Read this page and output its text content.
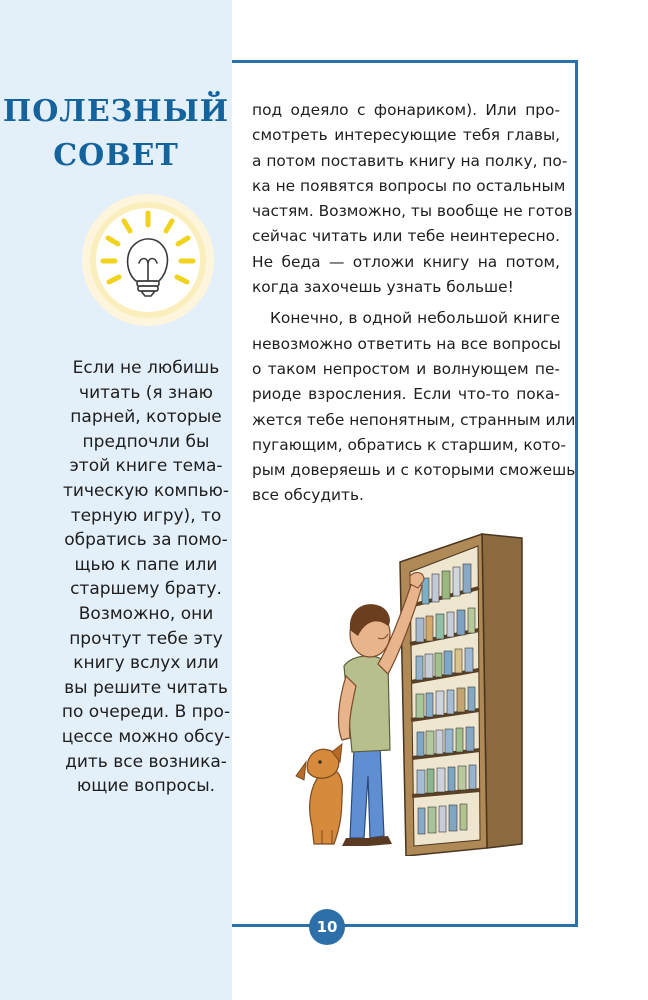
ПОЛЕЗНЫЙ
СОВЕТ
Если не любишь
читать (я знаю
парней, которые
предпочли бы
этой книге тема-
тическую компью-
терную игру), то
обратись за помо-
щью к папе или
старшему брату.
Возможно, они
прочтут тебе эту
книгу вслух или
вы решите читать
по очереди. В про-
цессе можно обсу-
дить все возника-
ющие вопросы.
под одеяло с фонариком). Или про-
смотреть интересующие тебя главы,
а потом поставить книгу на полку, по-
ка не появятся вопросы по остальным
частям. Возможно, ты вообще не готов
сейчас читать или тебе неинтересно.
Не беда — отложи книгу на потом,
когда захочешь узнать больше!
Конечно, в одной небольшой книге
невозможно ответить на все вопросы
о таком непростом и волнующем пе-
риоде взросления. Если что-то пока-
жется тебе непонятным, странным или
пугающим, обратись к старшим, кото-
рым доверяешь и с которыми сможешь
все обсудить.
10
